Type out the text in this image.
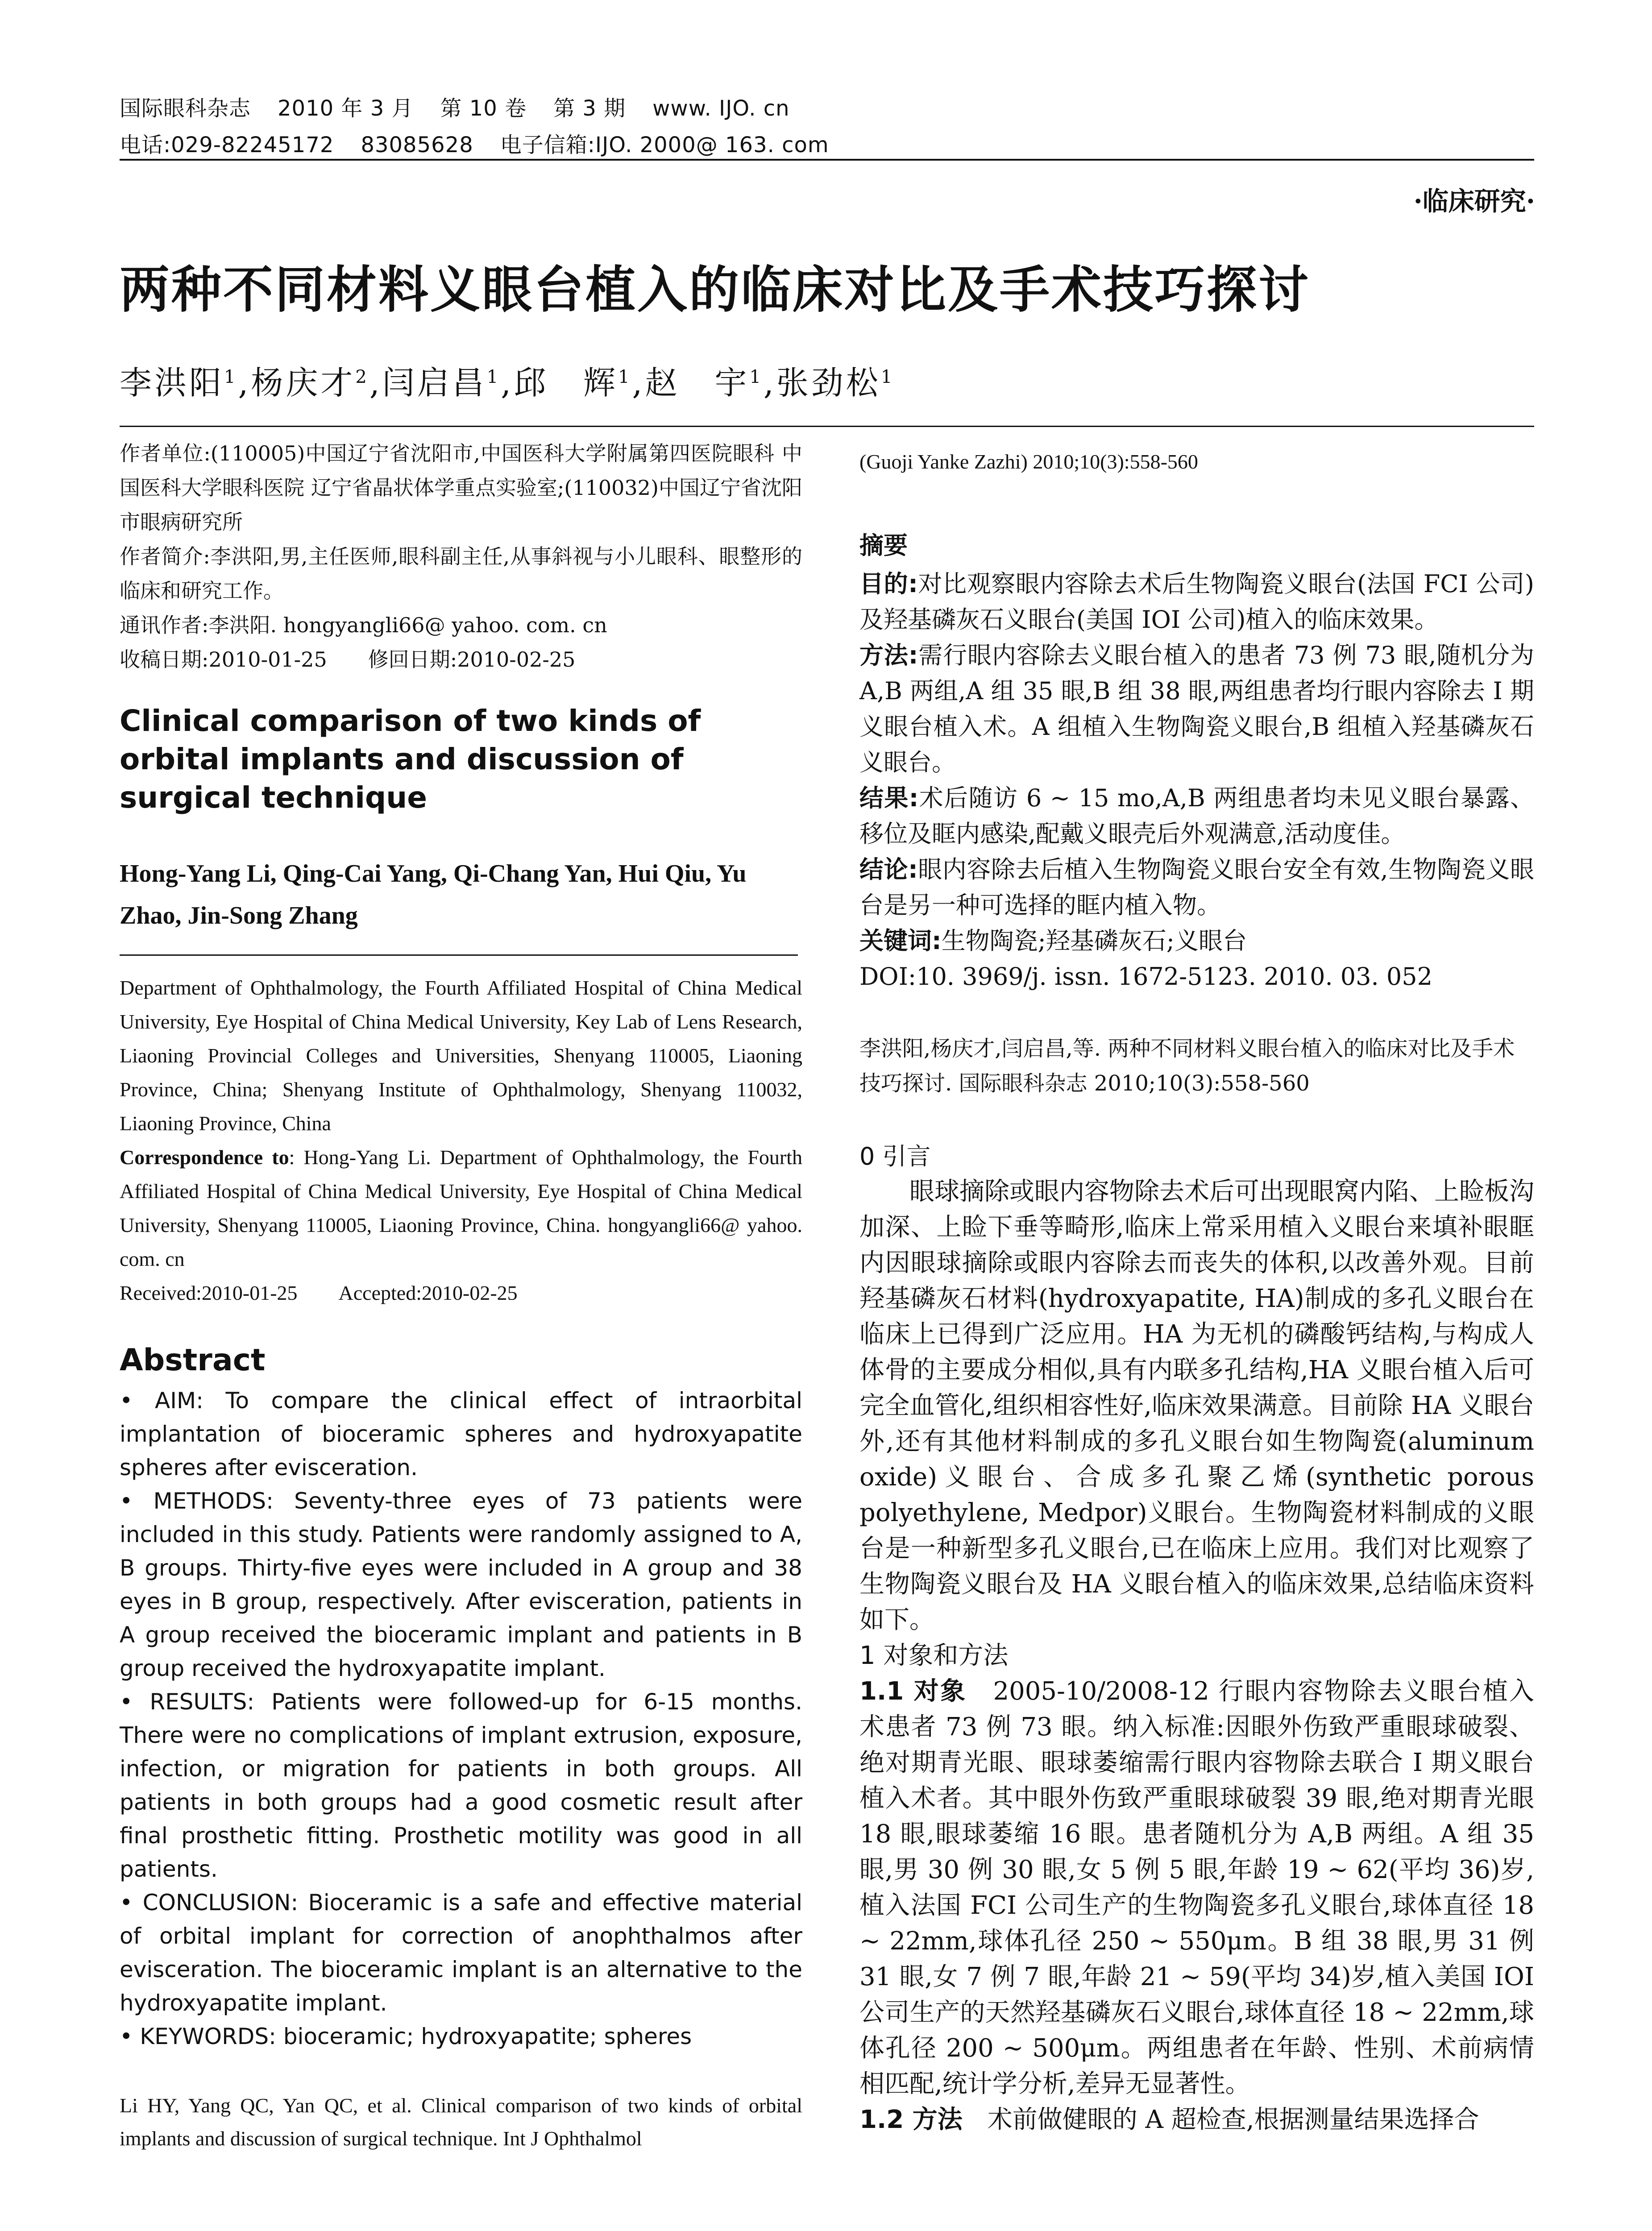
国际眼科杂志 2010 年 3 月 第 10 卷 第 3 期 www. IJO. cn
电话:029-82245172 83085628 电子信箱:IJO. 2000@ 163. com
·临床研究·
两种不同材料义眼台植入的临床对比及手术技巧探讨
李洪阳$^1$,杨庆才$^2$,闫启昌$^1$,邱　辉$^1$,赵　宇$^1$,张劲松$^1$

作者单位:(110005)中国辽宁省沈阳市,中国医科大学附属第四医院眼科 中国医科大学眼科医院 辽宁省晶状体学重点实验室;(110032)中国辽宁省沈阳市眼病研究所

作者简介:李洪阳,男,主任医师,眼科副主任,从事斜视与小儿眼科、眼整形的临床和研究工作。

通讯作者:李洪阳. hongyangli66@ yahoo. com. cn

收稿日期:2010-01-25　　修回日期:2010-02-25

Clinical comparison of two kinds of orbital implants and discussion of surgical technique
Hong-Yang Li, Qing-Cai Yang, Qi-Chang Yan, Hui Qiu, Yu Zhao, Jin-Song Zhang

Department of Ophthalmology, the Fourth Affiliated Hospital of China Medical University, Eye Hospital of China Medical University, Key Lab of Lens Research, Liaoning Provincial Colleges and Universities, Shenyang 110005, Liaoning Province, China; Shenyang Institute of Ophthalmology, Shenyang 110032, Liaoning Province, China

Correspondence to: Hong-Yang Li. Department of Ophthalmology, the Fourth Affiliated Hospital of China Medical University, Eye Hospital of China Medical University, Shenyang 110005, Liaoning Province, China. hongyangli66@ yahoo. com. cn

Received:2010-01-25　　Accepted:2010-02-25

Abstract

• AIM: To compare the clinical effect of intraorbital implantation of bioceramic spheres and hydroxyapatite spheres after evisceration.

• METHODS: Seventy-three eyes of 73 patients were included in this study. Patients were randomly assigned to A, B groups. Thirty-five eyes were included in A group and 38 eyes in B group, respectively. After evisceration, patients in A group received the bioceramic implant and patients in B group received the hydroxyapatite implant.

• RESULTS: Patients were followed-up for 6-15 months. There were no complications of implant extrusion, exposure, infection, or migration for patients in both groups. All patients in both groups had a good cosmetic result after final prosthetic fitting. Prosthetic motility was good in all patients.

• CONCLUSION: Bioceramic is a safe and effective material of orbital implant for correction of anophthalmos after evisceration. The bioceramic implant is an alternative to the hydroxyapatite implant.

• KEYWORDS: bioceramic; hydroxyapatite; spheres

Li HY, Yang QC, Yan QC, et al. Clinical comparison of two kinds of orbital implants and discussion of surgical technique. Int J Ophthalmol
(Guoji Yanke Zazhi) 2010;10(3):558-560
摘要

目的:对比观察眼内容除去术后生物陶瓷义眼台(法国 FCI 公司)及羟基磷灰石义眼台(美国 IOI 公司)植入的临床效果。

方法:需行眼内容除去义眼台植入的患者 73 例 73 眼,随机分为 A,B 两组,A 组 35 眼,B 组 38 眼,两组患者均行眼内容除去 I 期义眼台植入术。A 组植入生物陶瓷义眼台,B 组植入羟基磷灰石义眼台。

结果:术后随访 6 ~ 15 mo,A,B 两组患者均未见义眼台暴露、移位及眶内感染,配戴义眼壳后外观满意,活动度佳。

结论:眼内容除去后植入生物陶瓷义眼台安全有效,生物陶瓷义眼台是另一种可选择的眶内植入物。

关键词:生物陶瓷;羟基磷灰石;义眼台

DOI:10. 3969/j. issn. 1672-5123. 2010. 03. 052

李洪阳,杨庆才,闫启昌,等. 两种不同材料义眼台植入的临床对比及手术技巧探讨. 国际眼科杂志 2010;10(3):558-560
0 引言

眼球摘除或眼内容物除去术后可出现眼窝内陷、上睑板沟加深、上睑下垂等畸形,临床上常采用植入义眼台来填补眼眶内因眼球摘除或眼内容除去而丧失的体积,以改善外观。目前羟基磷灰石材料(hydroxyapatite, HA)制成的多孔义眼台在临床上已得到广泛应用。HA 为无机的磷酸钙结构,与构成人体骨的主要成分相似,具有内联多孔结构,HA 义眼台植入后可完全血管化,组织相容性好,临床效果满意。目前除 HA 义眼台外,还有其他材料制成的多孔义眼台如生物陶瓷(aluminum oxide)义眼台、合成多孔聚乙烯(synthetic porous polyethylene, Medpor)义眼台。生物陶瓷材料制成的义眼台是一种新型多孔义眼台,已在临床上应用。我们对比观察了生物陶瓷义眼台及 HA 义眼台植入的临床效果,总结临床资料如下。

1 对象和方法

1.1 对象　 2005-10/2008-12 行眼内容物除去义眼台植入术患者 73 例 73 眼。纳入标准:因眼外伤致严重眼球破裂、绝对期青光眼、眼球萎缩需行眼内容物除去联合 I 期义眼台植入术者。其中眼外伤致严重眼球破裂 39 眼,绝对期青光眼 18 眼,眼球萎缩 16 眼。患者随机分为 A,B 两组。A 组 35 眼,男 30 例 30 眼,女 5 例 5 眼,年龄 19 ~ 62(平均 36)岁,植入法国 FCI 公司生产的生物陶瓷多孔义眼台,球体直径 18 ~ 22mm,球体孔径 250 ~ 550μm。B 组 38 眼,男 31 例 31 眼,女 7 例 7 眼,年龄 21 ~ 59(平均 34)岁,植入美国 IOI 公司生产的天然羟基磷灰石义眼台,球体直径 18 ~ 22mm,球体孔径 200 ~ 500μm。两组患者在年龄、性别、术前病情相匹配,统计学分析,差异无显著性。

1.2 方法　 术前做健眼的 A 超检查,根据测量结果选择合
